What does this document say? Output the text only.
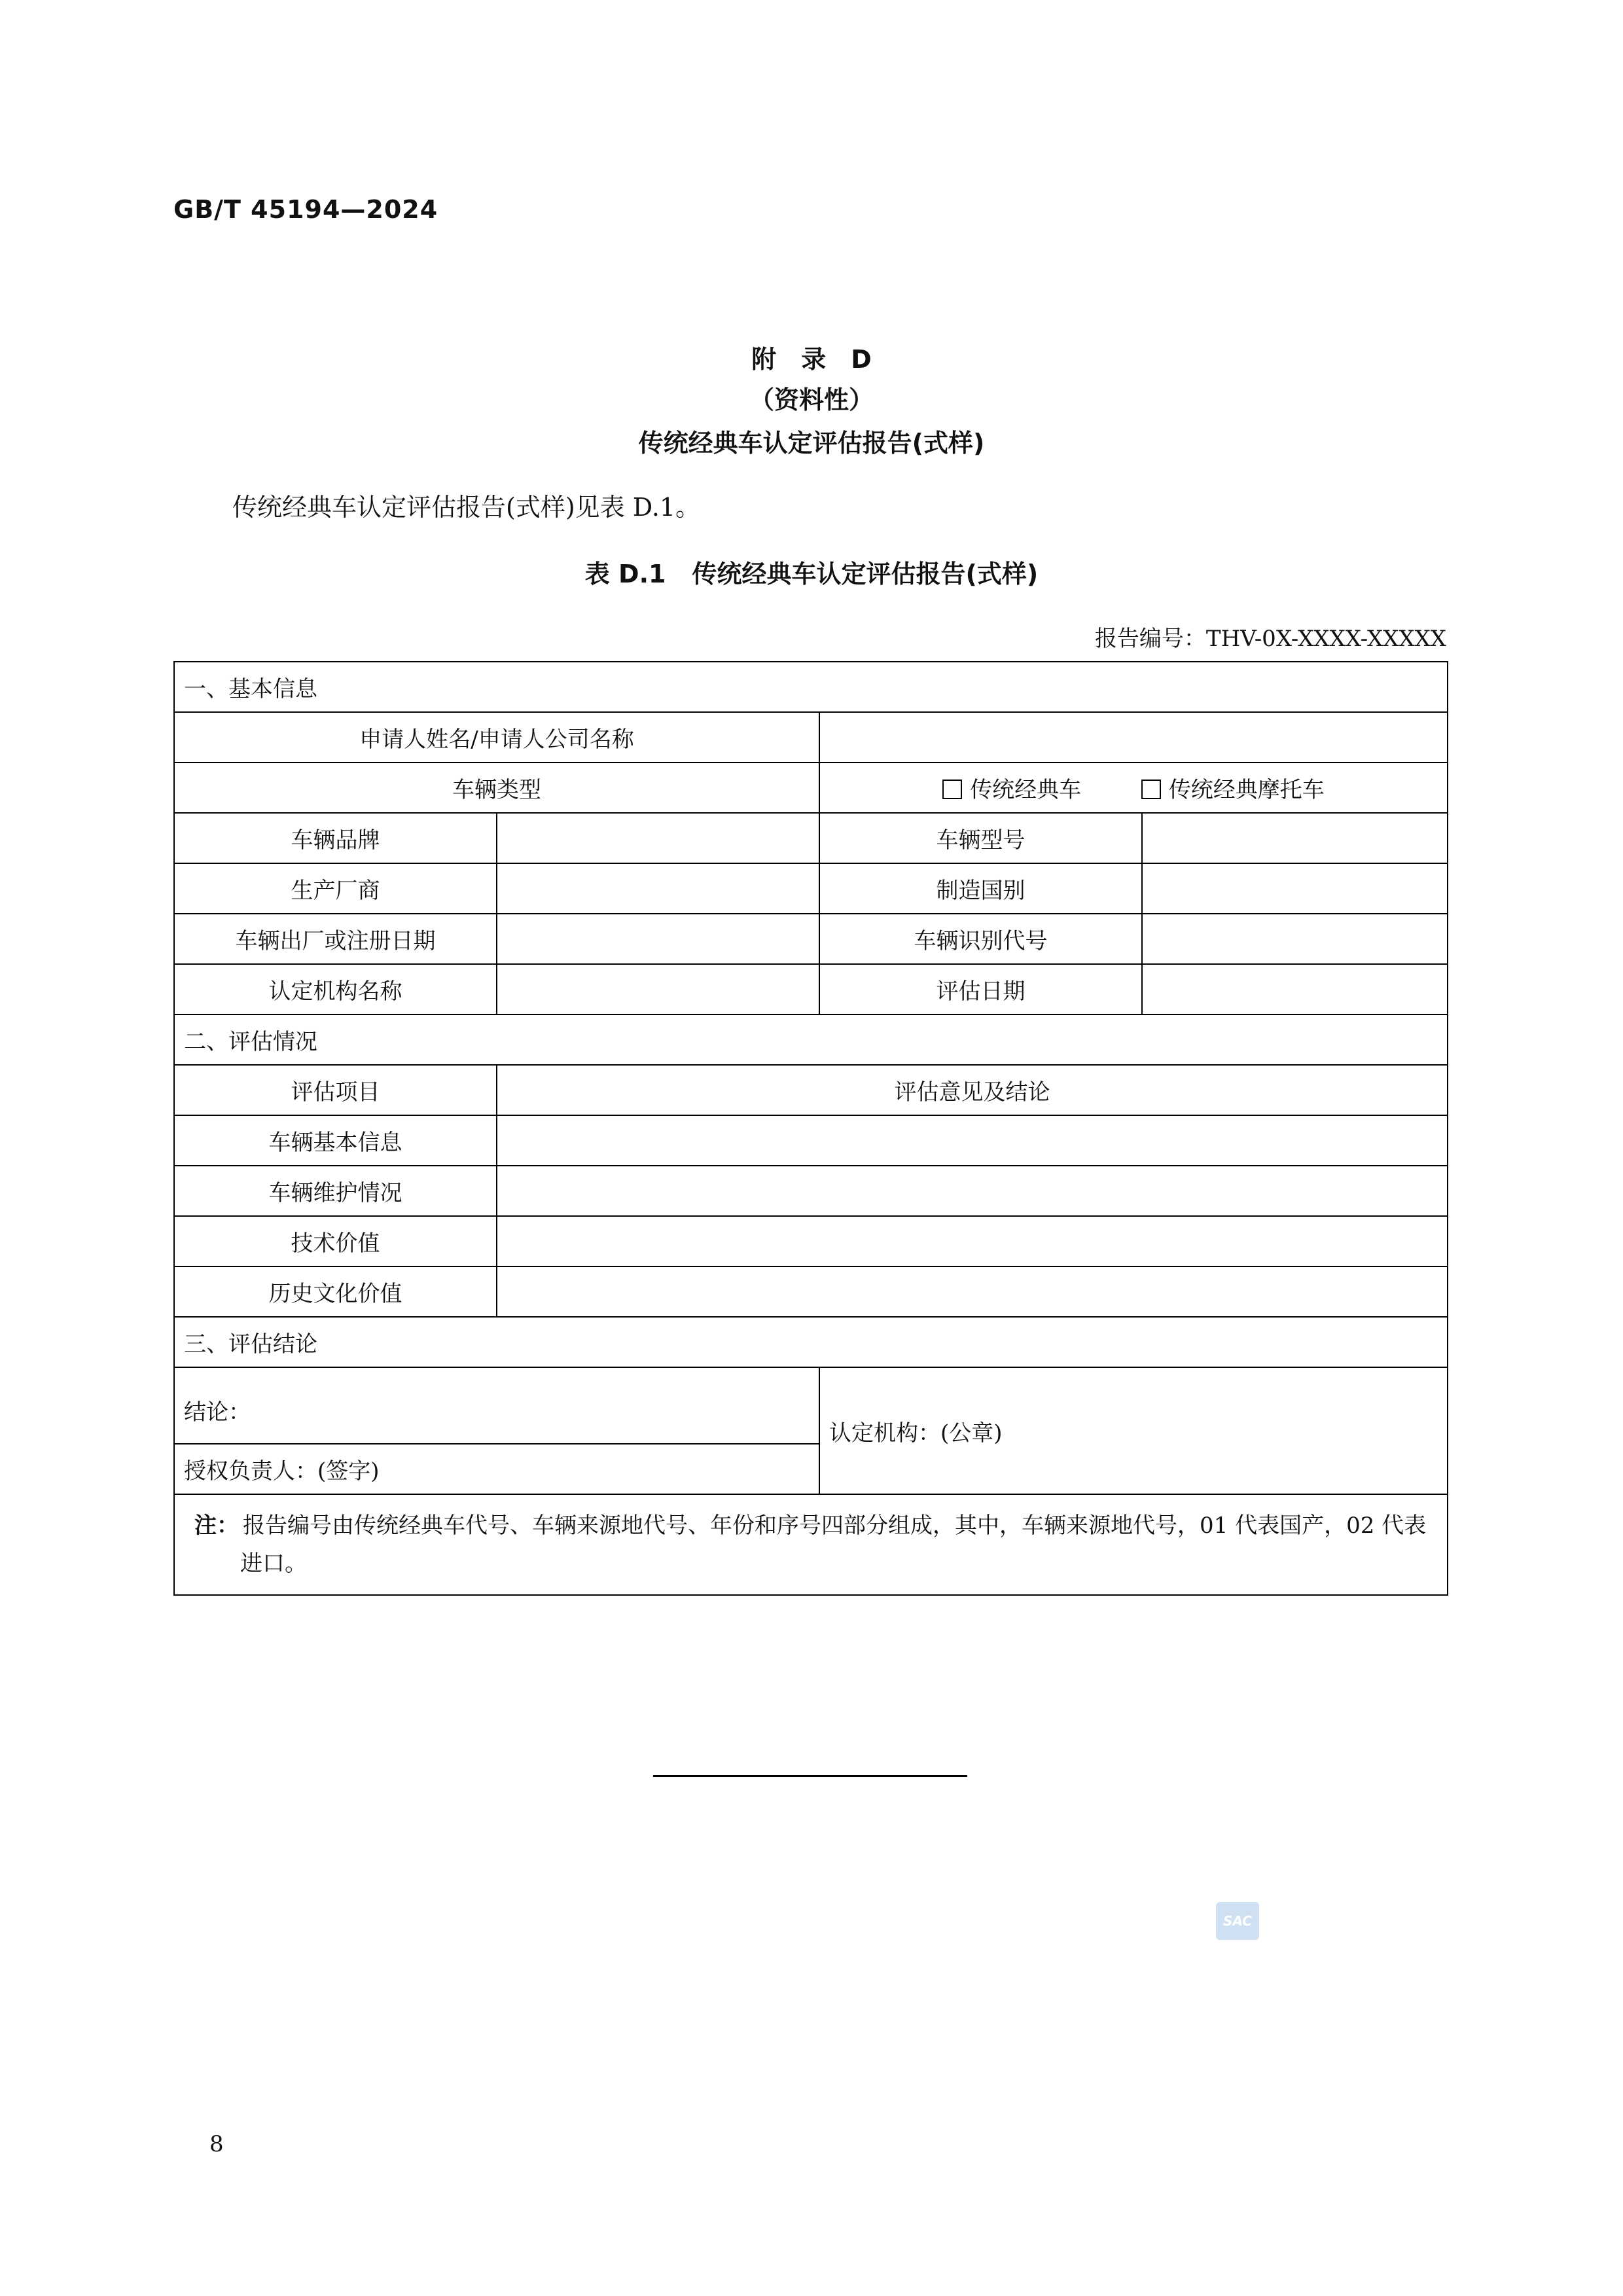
GB/T 45194—2024
附　录　D
（资料性）
传统经典车认定评估报告(式样)
传统经典车认定评估报告(式样)见表 D.1。
表 D.1 传统经典车认定评估报告(式样)
报告编号：THV-0X-XXXX-XXXXX
一、基本信息			
申请人姓名/申请人公司名称			
车辆类型		传统经典车 传统经典摩托车	
车辆品牌		车辆型号	
生产厂商		制造国别	
车辆出厂或注册日期		车辆识别代号	
认定机构名称		评估日期	
二、评估情况			
评估项目	评估意见及结论		
车辆基本信息			
车辆维护情况			
技术价值			
历史文化价值			
三、评估结论			
结论：		认定机构：(公章)	
授权负责人：(签字)			
注： 报告编号由传统经典车代号、车辆来源地代号、年份和序号四部分组成，其中，车辆来源地代号，01 代表国产，02 代表进口。			
SAC
8
